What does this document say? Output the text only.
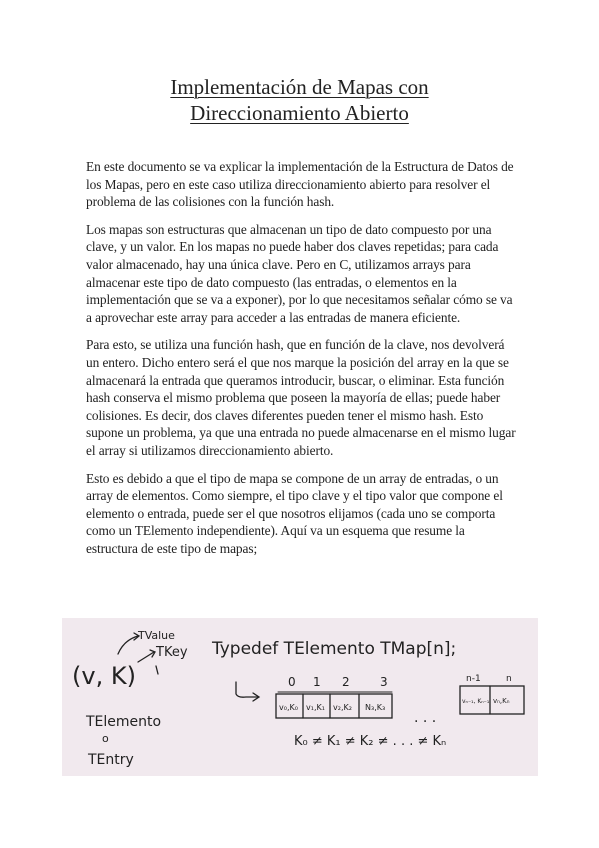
Implementación de Mapas con
Direccionamiento Abierto

En este documento se va explicar la implementación de la Estructura de Datos de los Mapas, pero en este caso utiliza direccionamiento abierto para resolver el problema de las colisiones con la función hash.

Los mapas son estructuras que almacenan un tipo de dato compuesto por una clave, y un valor. En los mapas no puede haber dos claves repetidas; para cada valor almacenado, hay una única clave. Pero en C, utilizamos arrays para almacenar este tipo de dato compuesto (las entradas, o elementos en la implementación que se va a exponer), por lo que necesitamos señalar cómo se va a aprovechar este array para acceder a las entradas de manera eficiente.

Para esto, se utiliza una función hash, que en función de la clave, nos devolverá un entero. Dicho entero será el que nos marque la posición del array en la que se almacenará la entrada que queramos introducir, buscar, o eliminar. Esta función hash conserva el mismo problema que poseen la mayoría de ellas; puede haber colisiones. Es decir, dos claves diferentes pueden tener el mismo hash. Esto supone un problema, ya que una entrada no puede almacenarse en el mismo lugar el array si utilizamos direccionamiento abierto.

Esto es debido a que el tipo de mapa se compone de un array de entradas, o un array de elementos. Como siempre, el tipo clave y el tipo valor que compone el elemento o entrada, puede ser el que nosotros elijamos (cada uno se comporta como un TElemento independiente). Aquí va un esquema que resume la estructura de este tipo de mapas;

TValue
TKey
(v, K)
TElemento
o
TEntry
Typedef TElemento TMap[n];
0 1 2	3
v₀,K₀ v₁,K₁ v₂,K₂ N₃,K₃
. . .
n-1	n
vₙ₋₁, Kₙ₋₁ vₙ,Kₙ
K₀ ≠ K₁ ≠ K₂ ≠ . . . ≠ Kₙ
